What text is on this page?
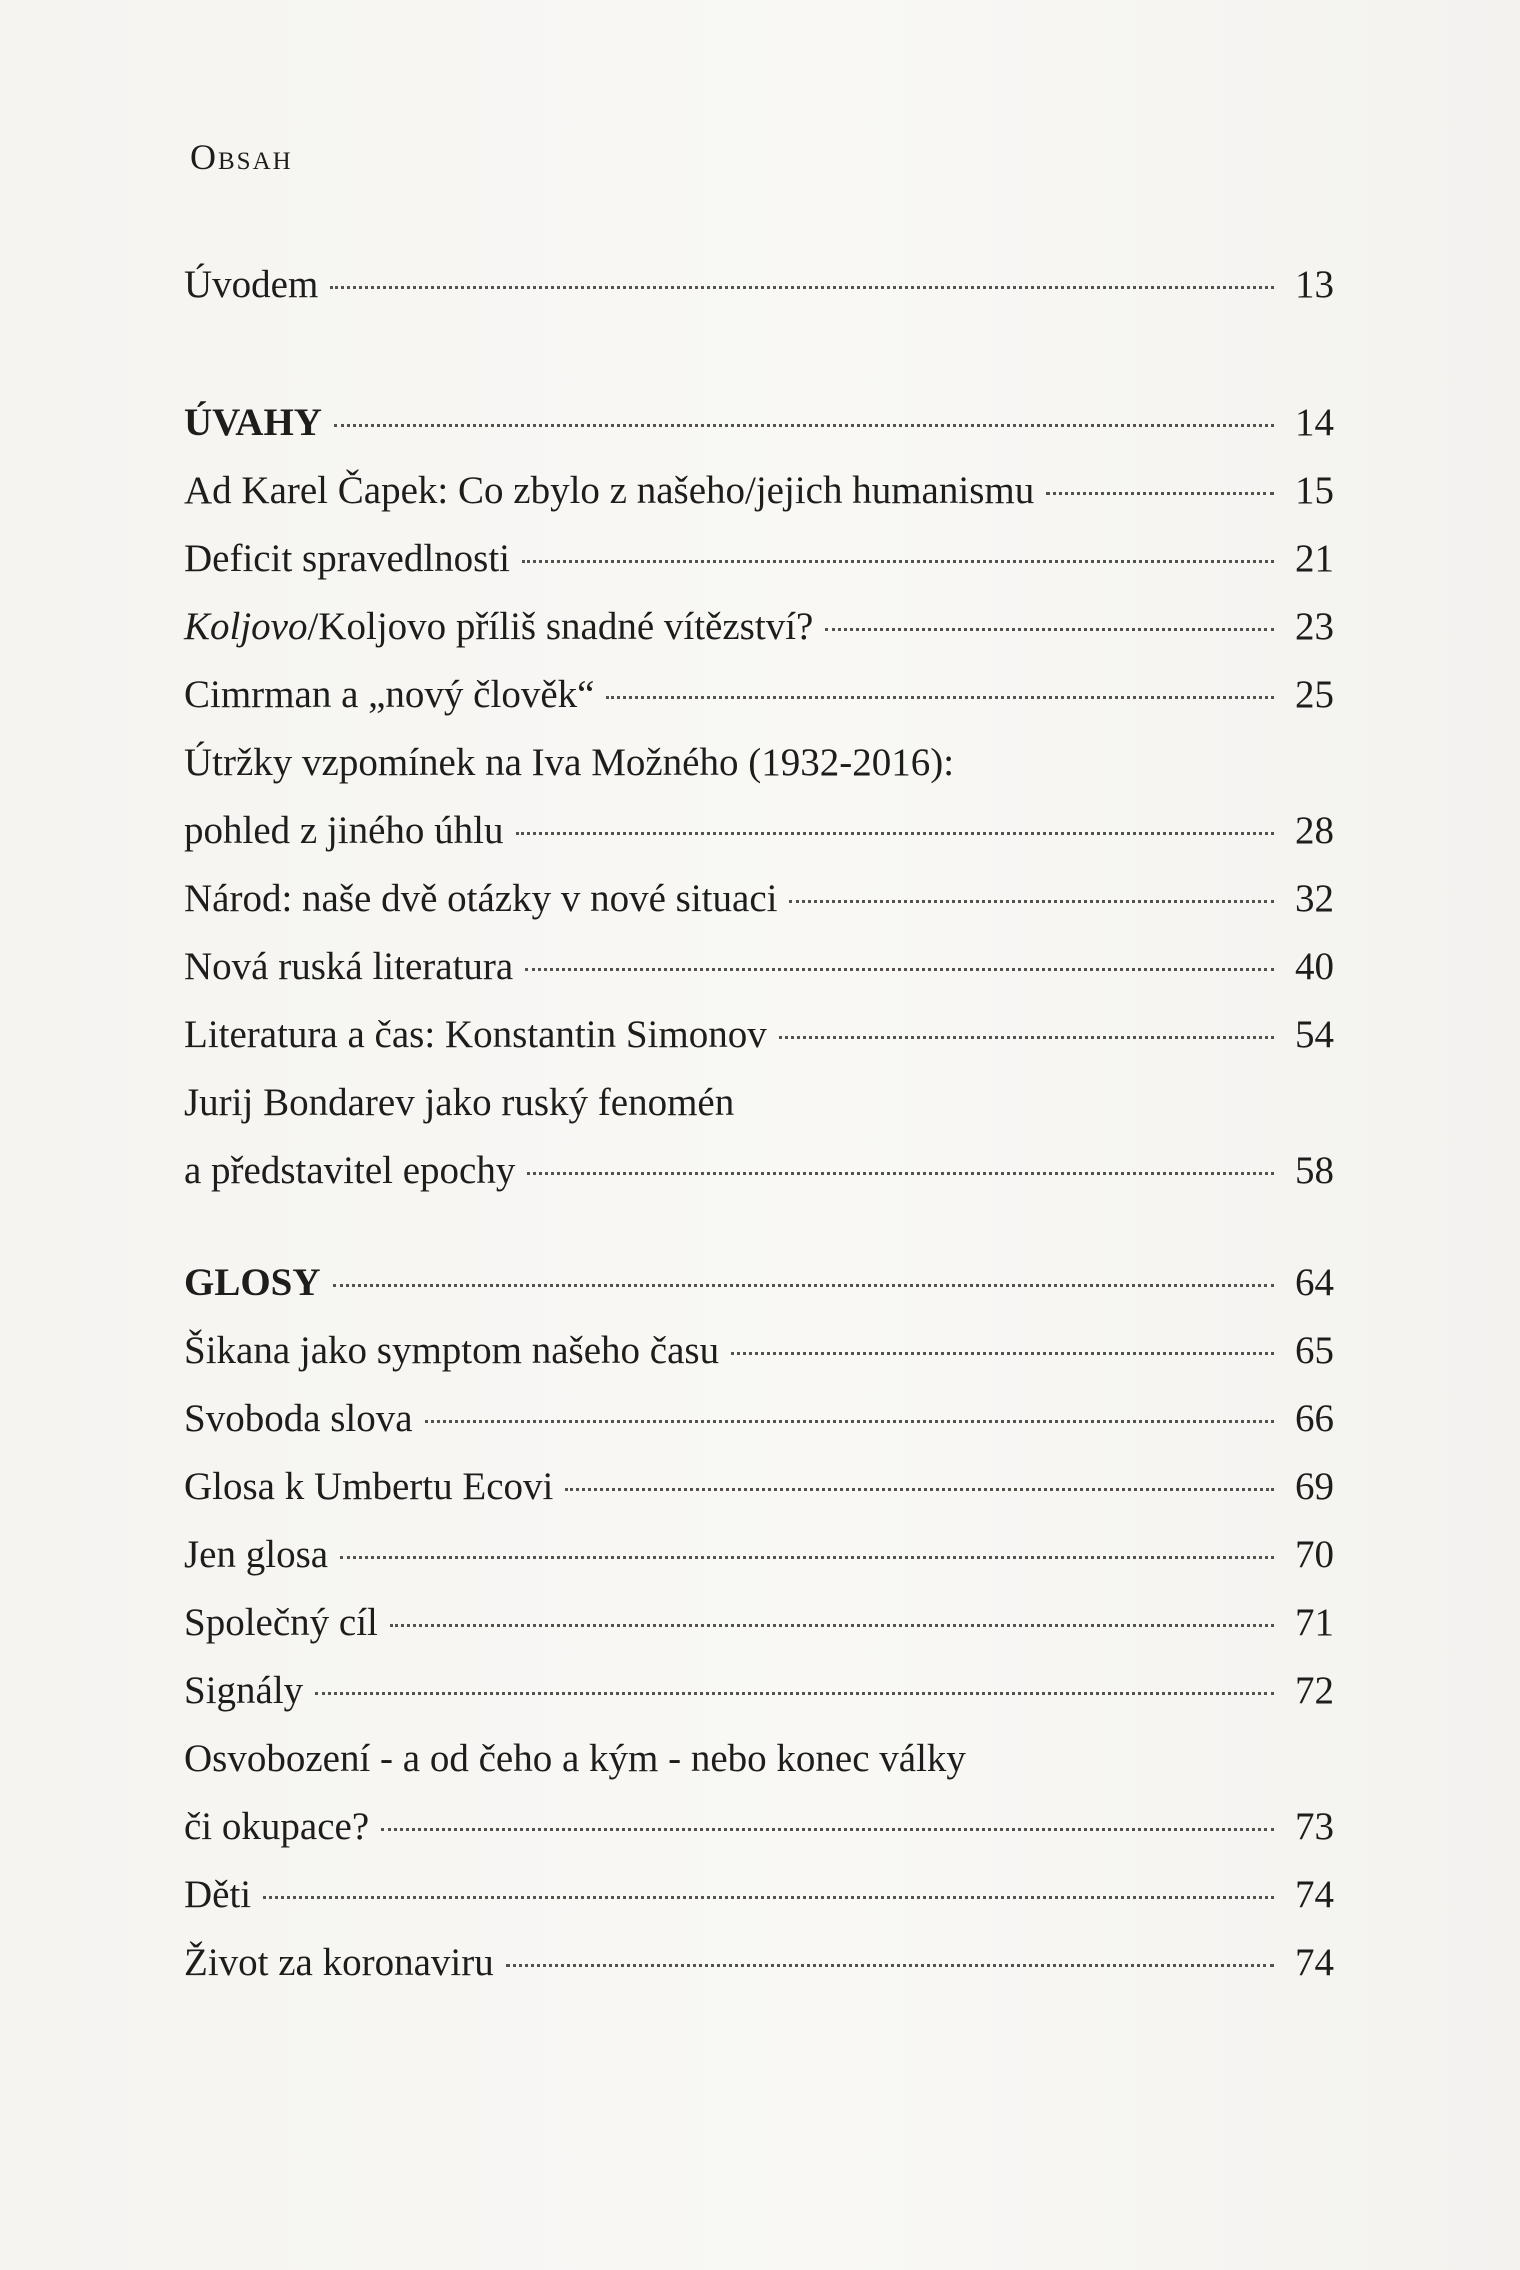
Obsah
Úvodem	13
ÚVAHY	14
Ad Karel Čapek: Co zbylo z našeho/jejich humanismu	15
Deficit spravedlnosti	21
Koljovo/Koljovo příliš snadné vítězství?	23
Cimrman a „nový člověk“	25
Útržky vzpomínek na Iva Možného (1932-2016):
pohled z jiného úhlu	28
Národ: naše dvě otázky v nové situaci	32
Nová ruská literatura	40
Literatura a čas: Konstantin Simonov	54
Jurij Bondarev jako ruský fenomén
a představitel epochy	58
GLOSY	64
Šikana jako symptom našeho času	65
Svoboda slova	66
Glosa k Umbertu Ecovi	69
Jen glosa	70
Společný cíl	71
Signály	72
Osvobození - a od čeho a kým - nebo konec války
či okupace?	73
Děti	74
Život za koronaviru	74
